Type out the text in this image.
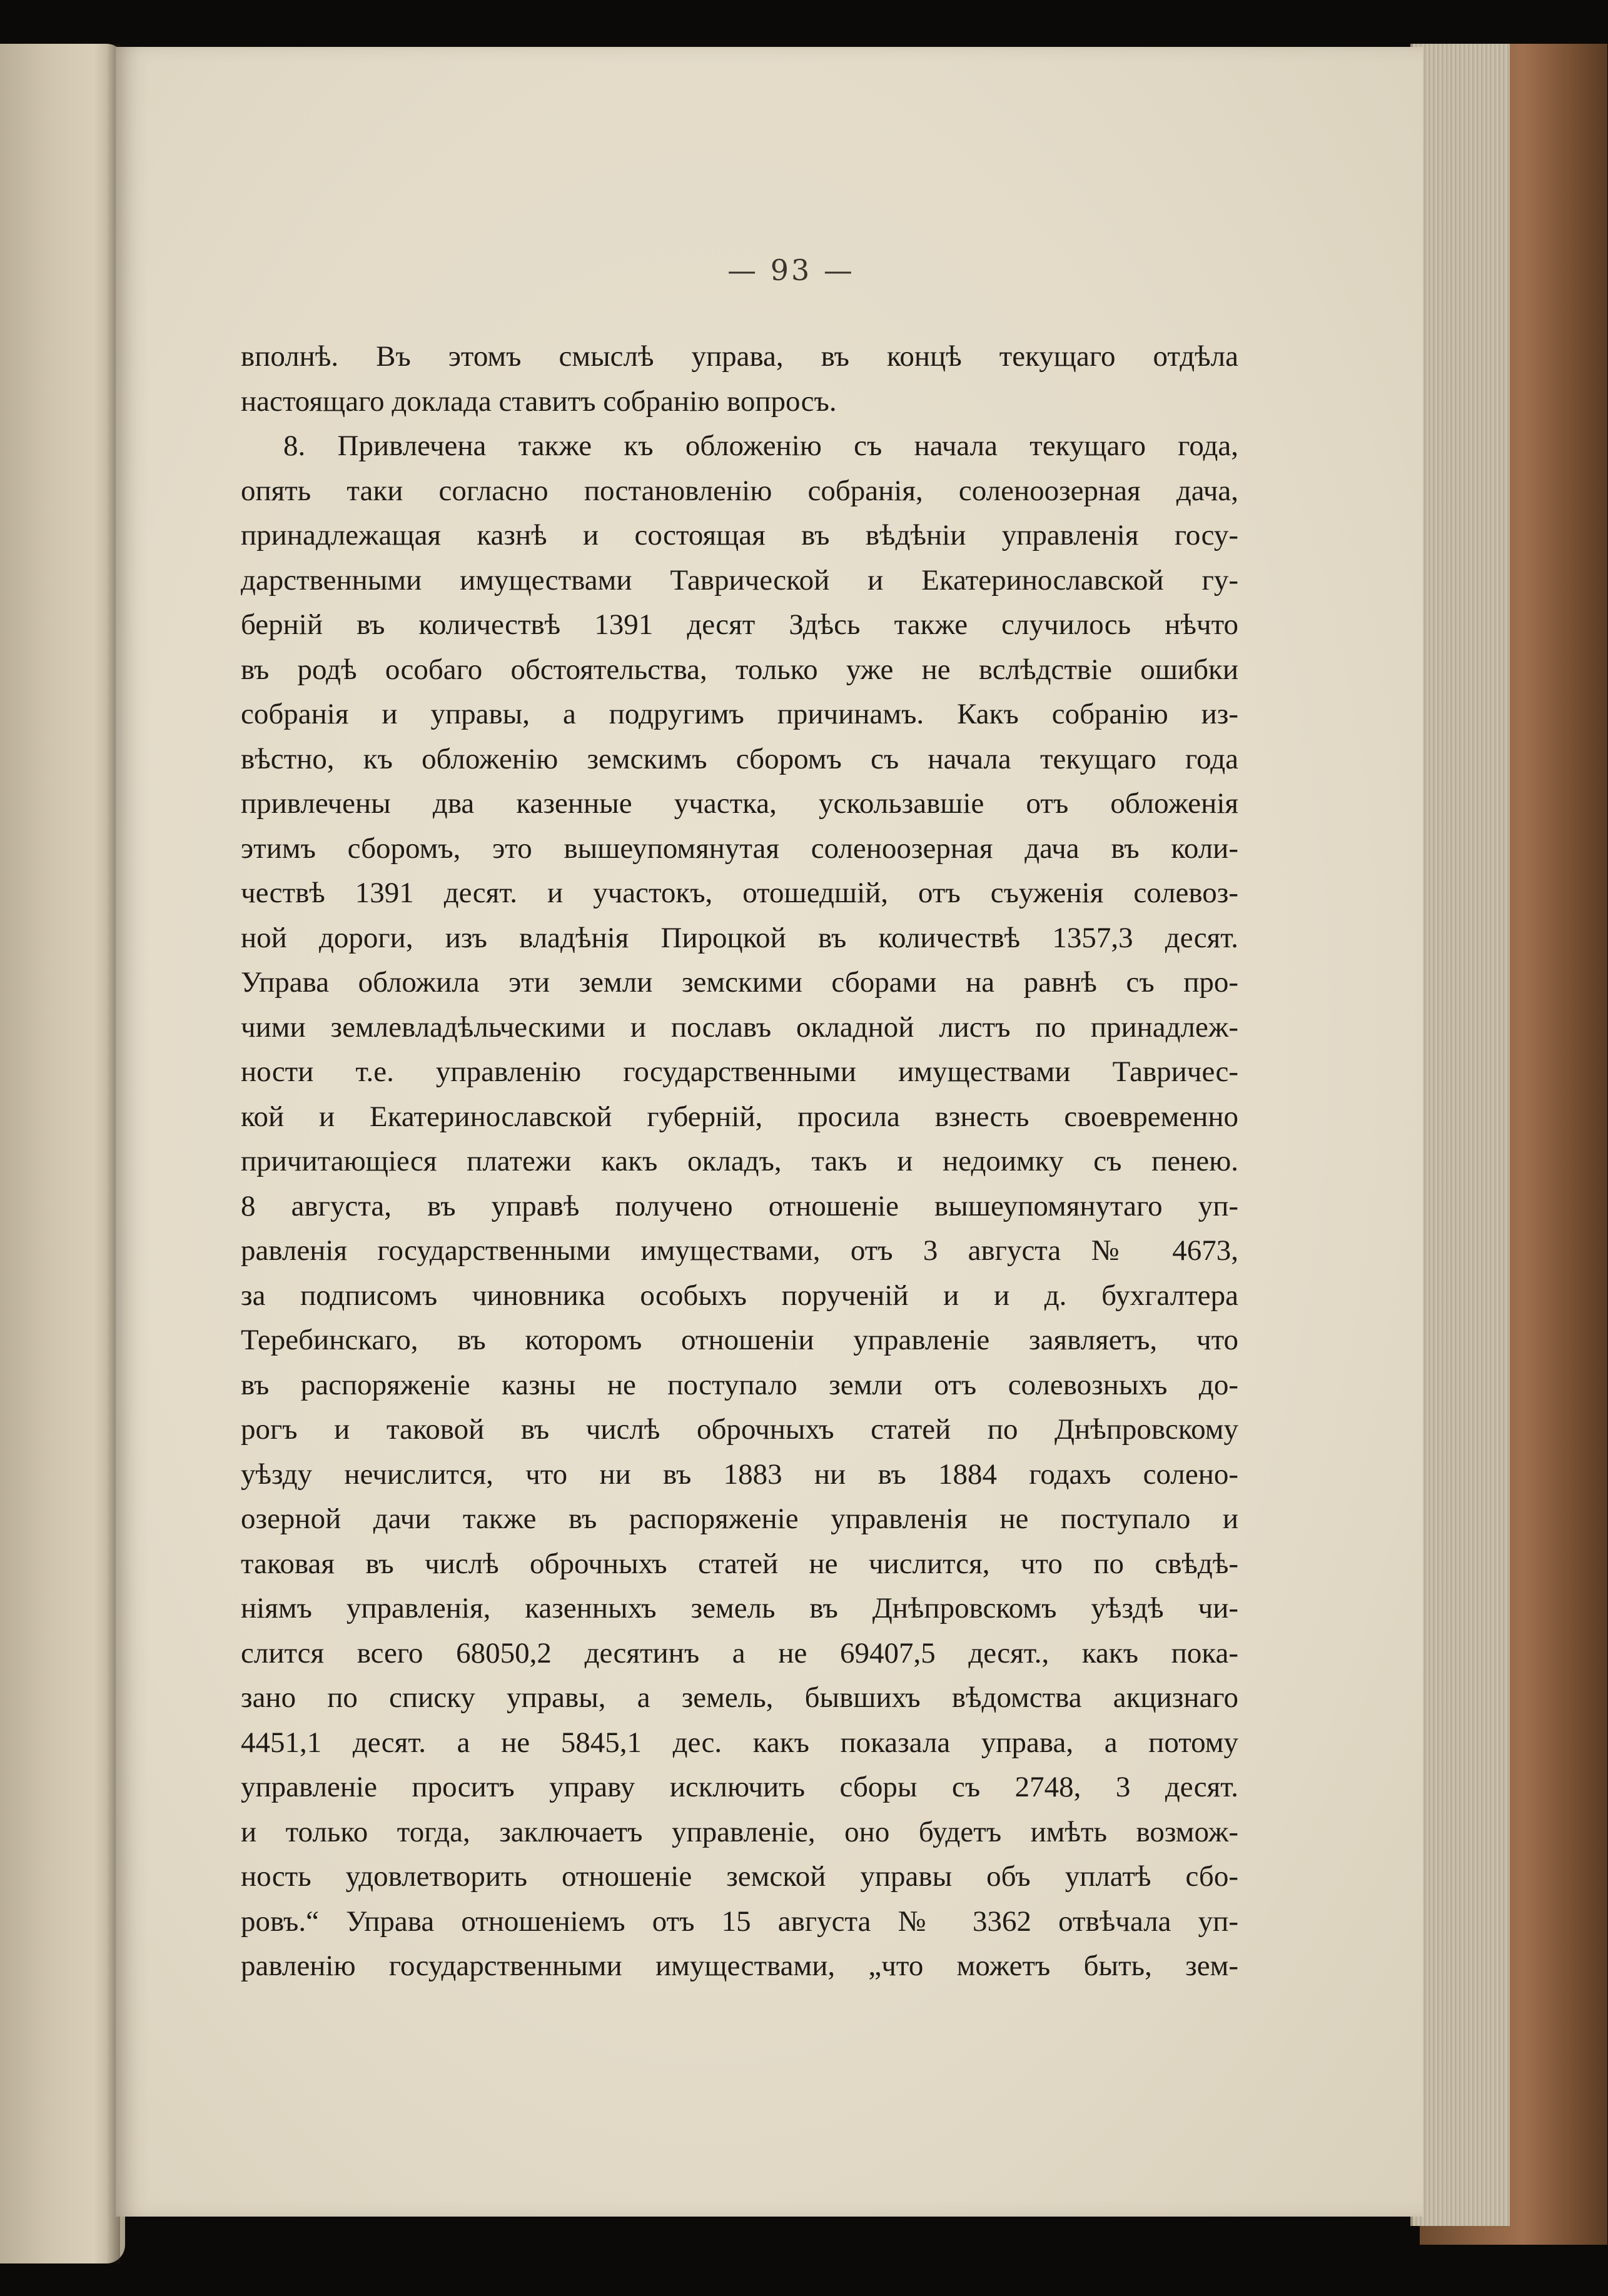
— 93 —
вполнѣ. Въ этомъ смыслѣ управа, въ концѣ текущаго отдѣла
настоящаго доклада ставитъ собранію вопросъ.
8. Привлечена также къ обложенію съ начала текущаго года,
опять таки согласно постановленію собранія, соленоозерная дача,
принадлежащая казнѣ и состоящая въ вѣдѣніи управленія госу-
дарственными имуществами Таврической и Екатеринославской гу-
берній въ количествѣ 1391 десят Здѣсь также случилось нѣчто
въ родѣ особаго обстоятельства, только уже не вслѣдствіе ошибки
собранія и управы, а подругимъ причинамъ. Какъ собранію из-
вѣстно, къ обложенію земскимъ сборомъ съ начала текущаго года
привлечены два казенные участка, ускользавшіе отъ обложенія
этимъ сборомъ, это вышеупомянутая соленоозерная дача въ коли-
чествѣ 1391 десят. и участокъ, отошедшій, отъ съуженія солевоз-
ной дороги, изъ владѣнія Пироцкой въ количествѣ 1357,3 десят.
Управа обложила эти земли земскими сборами на равнѣ съ про-
чими землевладѣльческими и пославъ окладной листъ по принадлеж-
ности т.е. управленію государственными имуществами Тавричес-
кой и Екатеринославской губерній, просила взнесть своевременно
причитающіеся платежи какъ окладъ, такъ и недоимку съ пенею.
8 августа, въ управѣ получено отношеніе вышеупомянутаго уп-
равленія государственными имуществами, отъ 3 августа № 4673,
за подписомъ чиновника особыхъ порученій и и д. бухгалтера
Теребинскаго, въ которомъ отношеніи управленіе заявляетъ, что
въ распоряженіе казны не поступало земли отъ солевозныхъ до-
рогъ и таковой въ числѣ оброчныхъ статей по Днѣпровскому
уѣзду нечислится, что ни въ 1883 ни въ 1884 годахъ солено-
озерной дачи также въ распоряженіе управленія не поступало и
таковая въ числѣ оброчныхъ статей не числится, что по свѣдѣ-
ніямъ управленія, казенныхъ земель въ Днѣпровскомъ уѣздѣ чи-
слится всего 68050,2 десятинъ а не 69407,5 десят., какъ пока-
зано по списку управы, а земель, бывшихъ вѣдомства акцизнаго
4451,1 десят. а не 5845,1 дес. какъ показала управа, а потому
управленіе проситъ управу исключить сборы съ 2748, 3 десят.
и только тогда, заключаетъ управленіе, оно будетъ имѣть возмож-
ность удовлетворить отношеніе земской управы объ уплатѣ сбо-
ровъ.“ Управа отношеніемъ отъ 15 августа № 3362 отвѣчала уп-
равленію государственными имуществами, „что можетъ быть, зем-
